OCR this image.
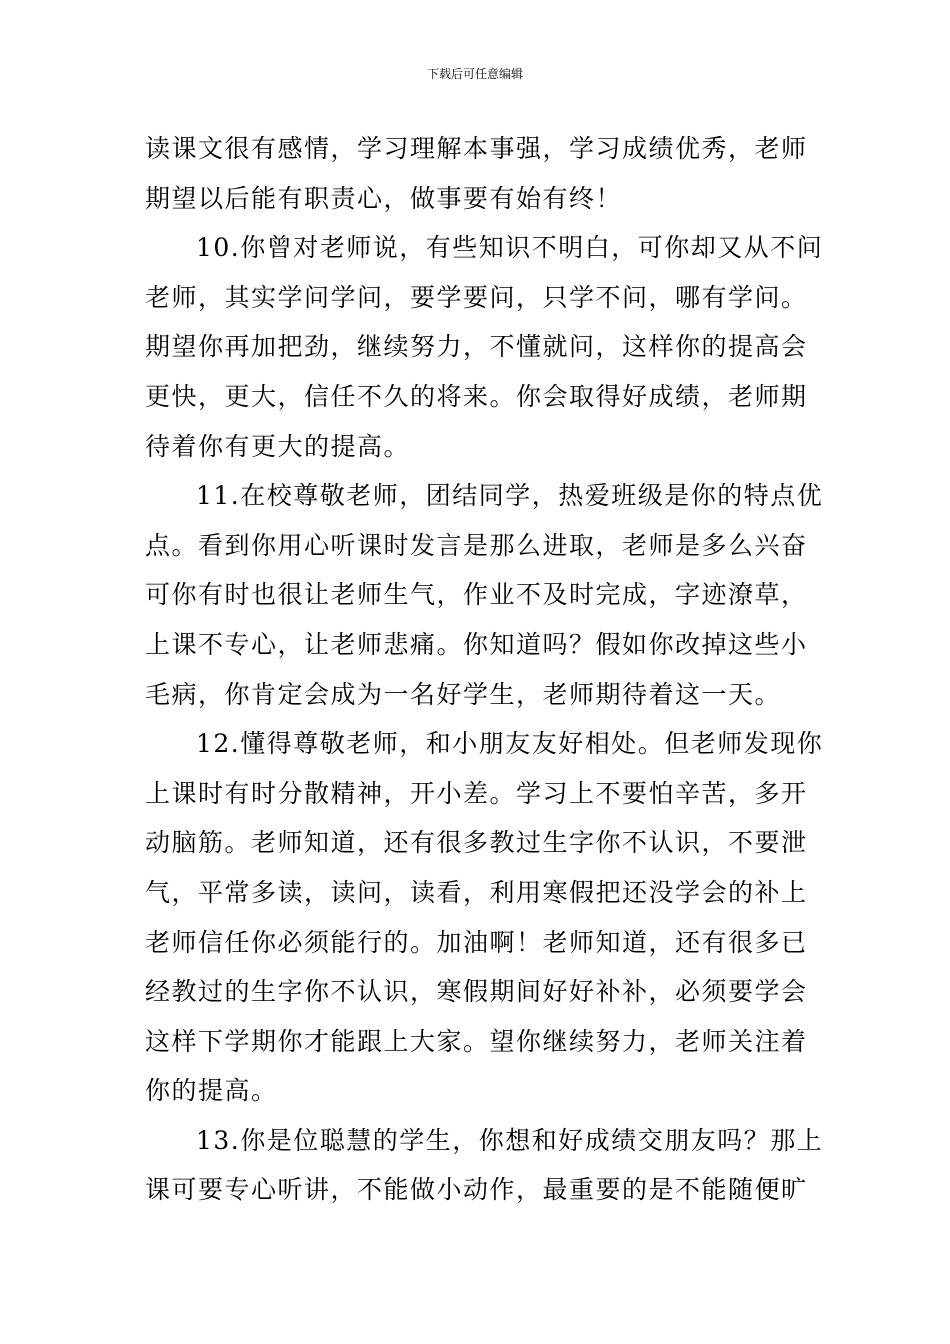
下载后可任意编辑
读课文很有感情，学习理解本事强，学习成绩优秀，老师
期望以后能有职责心，做事要有始有终！
10.你曾对老师说，有些知识不明白，可你却又从不问
老师，其实学问学问，要学要问，只学不问，哪有学问。
期望你再加把劲，继续努力，不懂就问，这样你的提高会
更快，更大，信任不久的将来。你会取得好成绩，老师期
待着你有更大的提高。
11.在校尊敬老师，团结同学，热爱班级是你的特点优
点。看到你用心听课时发言是那么进取，老师是多么兴奋
可你有时也很让老师生气，作业不及时完成，字迹潦草，
上课不专心，让老师悲痛。你知道吗？假如你改掉这些小
毛病，你肯定会成为一名好学生，老师期待着这一天。
12.懂得尊敬老师，和小朋友友好相处。但老师发现你
上课时有时分散精神，开小差。学习上不要怕辛苦，多开
动脑筋。老师知道，还有很多教过生字你不认识，不要泄
气，平常多读，读问，读看，利用寒假把还没学会的补上
老师信任你必须能行的。加油啊！老师知道，还有很多已
经教过的生字你不认识，寒假期间好好补补，必须要学会
这样下学期你才能跟上大家。望你继续努力，老师关注着
你的提高。
13.你是位聪慧的学生，你想和好成绩交朋友吗？那上
课可要专心听讲，不能做小动作，最重要的是不能随便旷
